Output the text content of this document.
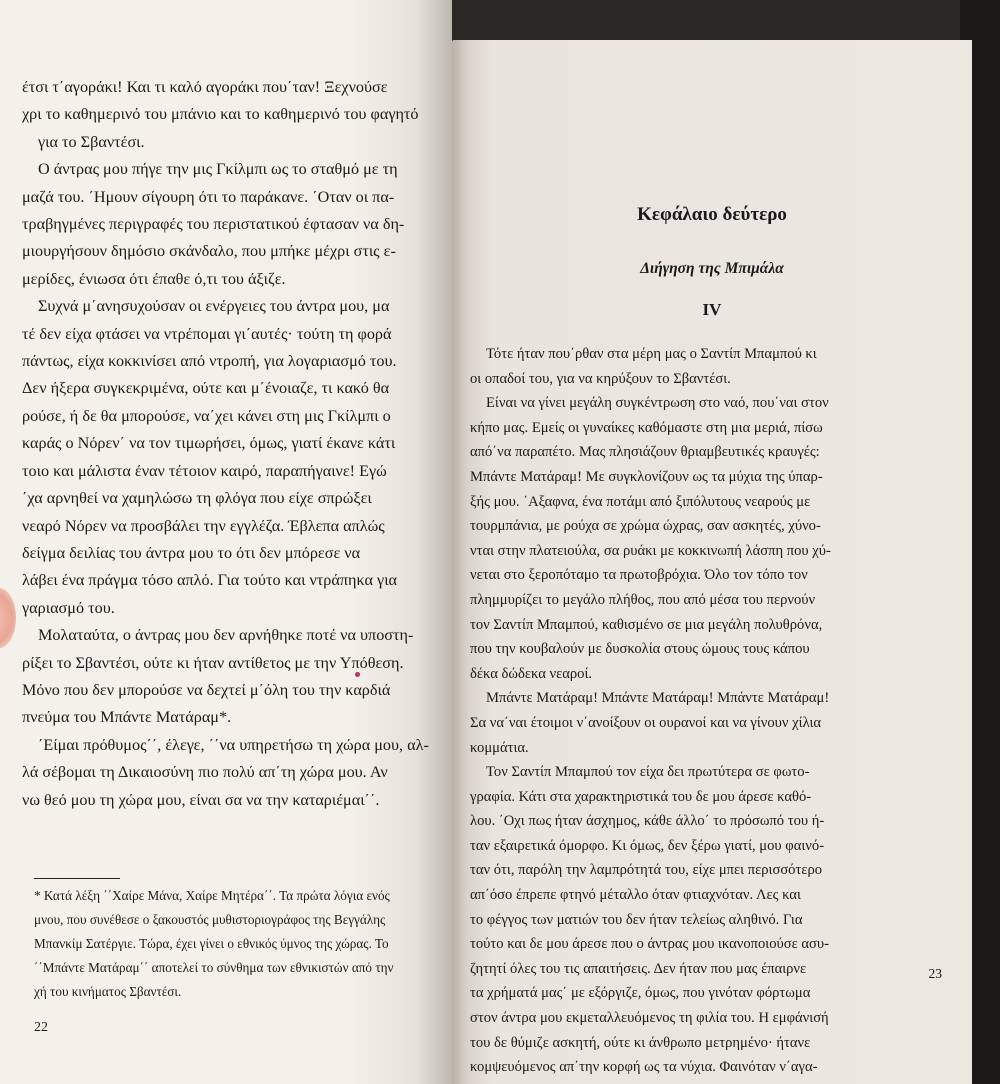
Κεφάλαιο δεύτερο
Διήγηση της Μπιμάλα
IV

Τότε ήταν που΄ρθαν στα μέρη μας ο Σαντίπ Μπαμπού κι

οι οπαδοί του, για να κηρύξουν το Σβαντέσι.

Είναι να γίνει μεγάλη συγκέντρωση στο ναό, που΄ναι στον

κήπο μας. Εμείς οι γυναίκες καθόμαστε στη μια μεριά, πίσω

από΄να παραπέτο. Μας πλησιάζουν θριαμβευτικές κραυγές:

Μπάντε Ματάραμ! Με συγκλονίζουν ως τα μύχια της ύπαρ-

ξής μου. ΄Αξαφνα, ένα ποτάμι από ξιπόλυτους νεαρούς με

τουρμπάνια, με ρούχα σε χρώμα ώχρας, σαν ασκητές, χύνο-

νται στην πλατειούλα, σα ρυάκι με κοκκινωπή λάσπη που χύ-

νεται στο ξεροπόταμο τα πρωτοβρόχια. Όλο τον τόπο τον

πλημμυρίζει το μεγάλο πλήθος, που από μέσα του περνούν

τον Σαντίπ Μπαμπού, καθισμένο σε μια μεγάλη πολυθρόνα,

που την κουβαλούν με δυσκολία στους ώμους τους κάπου

δέκα δώδεκα νεαροί.

Μπάντε Ματάραμ! Μπάντε Ματάραμ! Μπάντε Ματάραμ!

Σα να΄ναι έτοιμοι ν΄ανοίξουν οι ουρανοί και να γίνουν χίλια

κομμάτια.

Τον Σαντίπ Μπαμπού τον είχα δει πρωτύτερα σε φωτο-

γραφία. Κάτι στα χαρακτηριστικά του δε μου άρεσε καθό-

λου. ΄Οχι πως ήταν άσχημος, κάθε άλλο΄ το πρόσωπό του ή-

ταν εξαιρετικά όμορφο. Κι όμως, δεν ξέρω γιατί, μου φαινό-

ταν ότι, παρόλη την λαμπρότητά του, είχε μπει περισσότερο

απ΄όσο έπρεπε φτηνό μέταλλο όταν φτιαχνόταν. Λες και

το φέγγος των ματιών του δεν ήταν τελείως αληθινό. Για

τούτο και δε μου άρεσε που ο άντρας μου ικανοποιούσε ασυ-

ζητητί όλες του τις απαιτήσεις. Δεν ήταν που μας έπαιρνε

τα χρήματά μας΄ με εξόργιζε, όμως, που γινόταν φόρτωμα

στον άντρα μου εκμεταλλευόμενος τη φιλία του. Η εμφάνισή

του δε θύμιζε ασκητή, ούτε κι άνθρωπο μετρημένο· ήτανε

κομψευόμενος απ΄την κορφή ως τα νύχια. Φαινόταν ν΄αγα-

23

έτσι τ΄αγοράκι! Και τι καλό αγοράκι που΄ταν! Ξεχνούσε

χρι το καθημερινό του μπάνιο και το καθημερινό του φαγητό

για το Σβαντέσι.

Ο άντρας μου πήγε την μις Γκίλμπι ως το σταθμό με τη

μαζά του. ΄Ημουν σίγουρη ότι το παράκανε. ΄Οταν οι πα-

τραβηγμένες περιγραφές του περιστατικού έφτασαν να δη-

μιουργήσουν δημόσιο σκάνδαλο, που μπήκε μέχρι στις ε-

μερίδες, ένιωσα ότι έπαθε ό,τι του άξιζε.

Συχνά μ΄ανησυχούσαν οι ενέργειες του άντρα μου, μα

τέ δεν είχα φτάσει να ντρέπομαι γι΄αυτές· τούτη τη φορά

πάντως, είχα κοκκινίσει από ντροπή, για λογαριασμό του.

Δεν ήξερα συγκεκριμένα, ούτε και μ΄ένοιαζε, τι κακό θα

ρούσε, ή δε θα μπορούσε, να΄χει κάνει στη μις Γκίλμπι ο

καράς ο Νόρεν΄ να τον τιμωρήσει, όμως, γιατί έκανε κάτι

τοιο και μάλιστα έναν τέτοιον καιρό, παραπήγαινε! Εγώ

΄χα αρνηθεί να χαμηλώσω τη φλόγα που είχε σπρώξει

νεαρό Νόρεν να προσβάλει την εγγλέζα. Έβλεπα απλώς

δείγμα δειλίας του άντρα μου το ότι δεν μπόρεσε να

λάβει ένα πράγμα τόσο απλό. Για τούτο και ντράπηκα για

γαριασμό του.

Μολαταύτα, ο άντρας μου δεν αρνήθηκε ποτέ να υποστη-

ρίξει το Σβαντέσι, ούτε κι ήταν αντίθετος με την Υπόθεση.

Μόνο που δεν μπορούσε να δεχτεί μ΄όλη του την καρδιά

πνεύμα του Μπάντε Ματάραμ*.

΄Είμαι πρόθυμος΄΄, έλεγε, ΄΄να υπηρετήσω τη χώρα μου, αλ-

λά σέβομαι τη Δικαιοσύνη πιο πολύ απ΄τη χώρα μου. Αν

νω θεό μου τη χώρα μου, είναι σα να την καταριέμαι΄΄.

* Κατά λέξη ΄΄Χαίρε Μάνα, Χαίρε Μητέρα΄΄. Τα πρώτα λόγια ενός

μνου, που συνέθεσε ο ξακουστός μυθιστοριογράφος της Βεγγάλης

Μπανκίμ Σατέργιε. Τώρα, έχει γίνει ο εθνικός ύμνος της χώρας. Το

΄΄Μπάντε Ματάραμ΄΄ αποτελεί το σύνθημα των εθνικιστών από την

χή του κινήματος Σβαντέσι.

22
